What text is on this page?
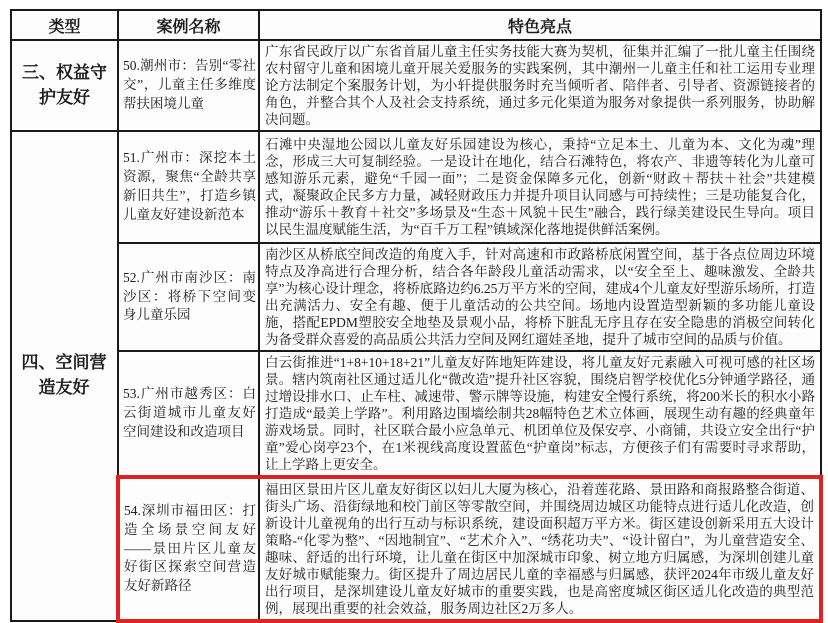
类型	案例名称	特色亮点
三、权益守护友好	50.潮州市：告别“零社交”，儿童主任多维度帮扶困境儿童	广东省民政厅以广东省首届儿童主任实务技能大赛为契机，征集并汇编了一批儿童主任围绕农村留守儿童和困境儿童开展关爱服务的实践案例，其中潮州一儿童主任和社工运用专业理论方法制定个案服务计划，为小轩提供服务时充当倾听者、陪伴者、引导者、资源链接者的角色，并整合其个人及社会支持系统，通过多元化渠道为服务对象提供一系列服务，协助解决问题。
四、空间营造友好	51.广州市：深挖本土资源，聚焦“全龄共享 新旧共生”，打造乡镇儿童友好建设新范本	石滩中央湿地公园以儿童友好乐园建设为核心，秉持“立足本土、儿童为本、文化为魂”理念，形成三大可复制经验。一是设计在地化，结合石滩特色，将农产、非遗等转化为儿童可感知游乐元素，避免“千园一面”；二是资金保障多元化，创新“财政＋帮扶＋社会”共建模式，凝聚政企民多方力量，减轻财政压力并提升项目认同感与可持续性；三是功能复合化，推动“游乐＋教育＋社交”多场景及“生态＋风貌＋民生”融合，践行绿美建设民生导向。项目以民生温度赋能生活，为“百千万工程”镇域深化落地提供鲜活案例。
	52.广州市南沙区：南沙区：将桥下空间变身儿童乐园	南沙区从桥底空间改造的角度入手，针对高速和市政路桥底闲置空间，基于各点位周边环境特点及净高进行合理分析，结合各年龄段儿童活动需求，以“安全至上、趣味激发、全龄共享”为核心设计理念，将桥底路边约6.25万平方米的空间，建成4个儿童友好型游乐场所，打造出充满活力、安全有趣、便于儿童活动的公共空间。场地内设置造型新颖的多功能儿童设施，搭配EPDM塑胶安全地垫及景观小品，将桥下脏乱无序且存在安全隐患的消极空间转化为备受群众喜爱的高品质公共活力空间及网红遛娃圣地，提升了城市空间的品质与价值。
	53.广州市越秀区：白云街道城市儿童友好空间建设和改造项目	白云街推进“1+8+10+18+21”儿童友好阵地矩阵建设，将儿童友好元素融入可视可感的社区场景。辖内筑南社区通过适儿化“微改造”提升社区容貌，围绕启智学校优化5分钟通学路径，通过增设排水口、止车柱、减速带、警示牌等设施，构建安全慢行系统，将200米长的积水小路打造成“最美上学路”。利用路边围墙绘制共28幅特色艺术立体画，展现生动有趣的经典童年游戏场景。同时，社区联合最小应急单元、机团单位及保安亭、小商铺，共设立安全出行“护童”爱心岗亭23个，在1米视线高度设置蓝色“护童岗”标志，方便孩子们有需要时寻求帮助，让上学路上更安全。
	54.深圳市福田区：打造全场景空间友好——景田片区儿童友好街区探索空间营造友好新路径	福田区景田片区儿童友好街区以妇儿大厦为核心，沿着莲花路、景田路和商报路整合街道、街头广场、沿街绿地和校门前区等零散空间，并围绕周边城区功能特点进行适儿化改造，创新设计儿童视角的出行互动与标识系统，建设面积超万平方米。街区建设创新采用五大设计策略-“化零为整”、“因地制宜”、“艺术介入”、“绣花功夫”、“设计留白”，为儿童营造安全、趣味、舒适的出行环境，让儿童在街区中加深城市印象、树立地方归属感，为深圳创建儿童友好城市赋能聚力。街区提升了周边居民儿童的幸福感与归属感，获评2024年市级儿童友好出行项目，是深圳建设儿童友好城市的重要实践，也是高密度城区街区适儿化改造的典型范例，展现出重要的社会效益，服务周边社区2万多人。
